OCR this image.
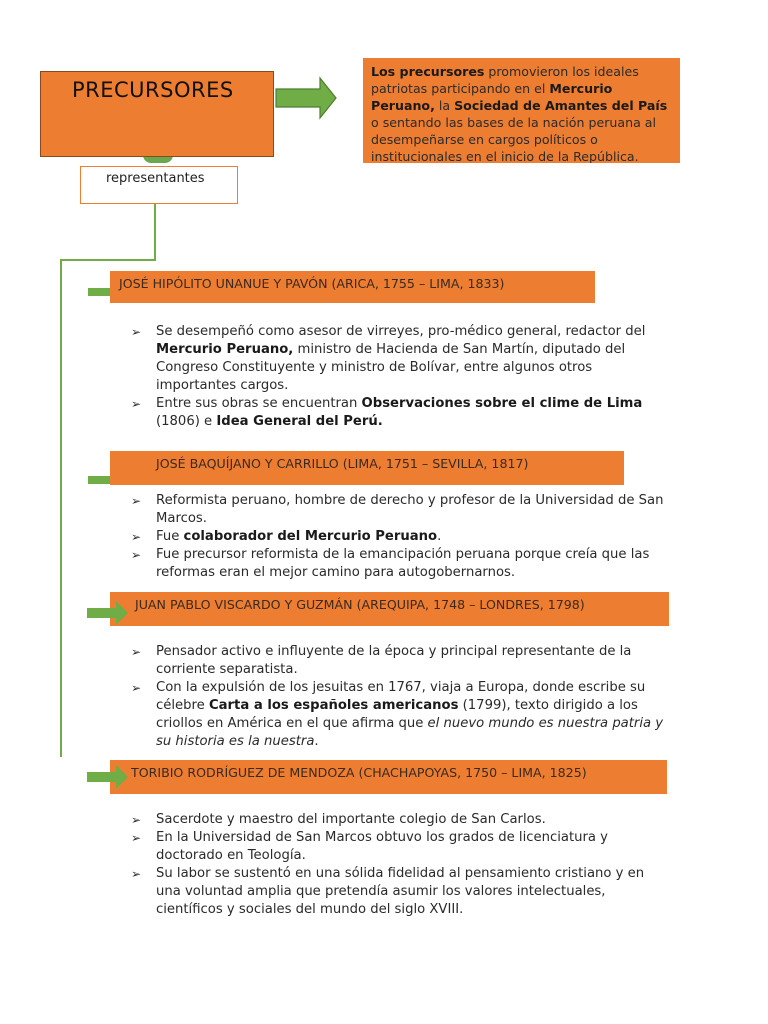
PRECURSORES
Los precursores promovieron los ideales patriotas participando en el Mercurio Peruano, la Sociedad de Amantes del País o sentando las bases de la nación peruana al desempeñarse en cargos políticos o institucionales en el inicio de la República.
representantes
JOSÉ HIPÓLITO UNANUE Y PAVÓN (ARICA, 1755 – LIMA, 1833)
➢ Se desempeñó como asesor de virreyes, pro-médico general, redactor del Mercurio Peruano, ministro de Hacienda de San Martín, diputado del Congreso Constituyente y ministro de Bolívar, entre algunos otros importantes cargos.
➢ Entre sus obras se encuentran Observaciones sobre el clime de Lima (1806) e Idea General del Perú.
JOSÉ BAQUÍJANO Y CARRILLO (LIMA, 1751 – SEVILLA, 1817)
➢ Reformista peruano, hombre de derecho y profesor de la Universidad de San Marcos.
➢ Fue colaborador del Mercurio Peruano.
➢ Fue precursor reformista de la emancipación peruana porque creía que las reformas eran el mejor camino para autogobernarnos.
JUAN PABLO VISCARDO Y GUZMÁN (AREQUIPA, 1748 – LONDRES, 1798)
➢ Pensador activo e influyente de la época y principal representante de la corriente separatista.
➢ Con la expulsión de los jesuitas en 1767, viaja a Europa, donde escribe su célebre Carta a los españoles americanos (1799), texto dirigido a los criollos en América en el que afirma que el nuevo mundo es nuestra patria y su historia es la nuestra.
TORIBIO RODRÍGUEZ DE MENDOZA (CHACHAPOYAS, 1750 – LIMA, 1825)
➢ Sacerdote y maestro del importante colegio de San Carlos.
➢ En la Universidad de San Marcos obtuvo los grados de licenciatura y doctorado en Teología.
➢ Su labor se sustentó en una sólida fidelidad al pensamiento cristiano y en una voluntad amplia que pretendía asumir los valores intelectuales, científicos y sociales del mundo del siglo XVIII.
